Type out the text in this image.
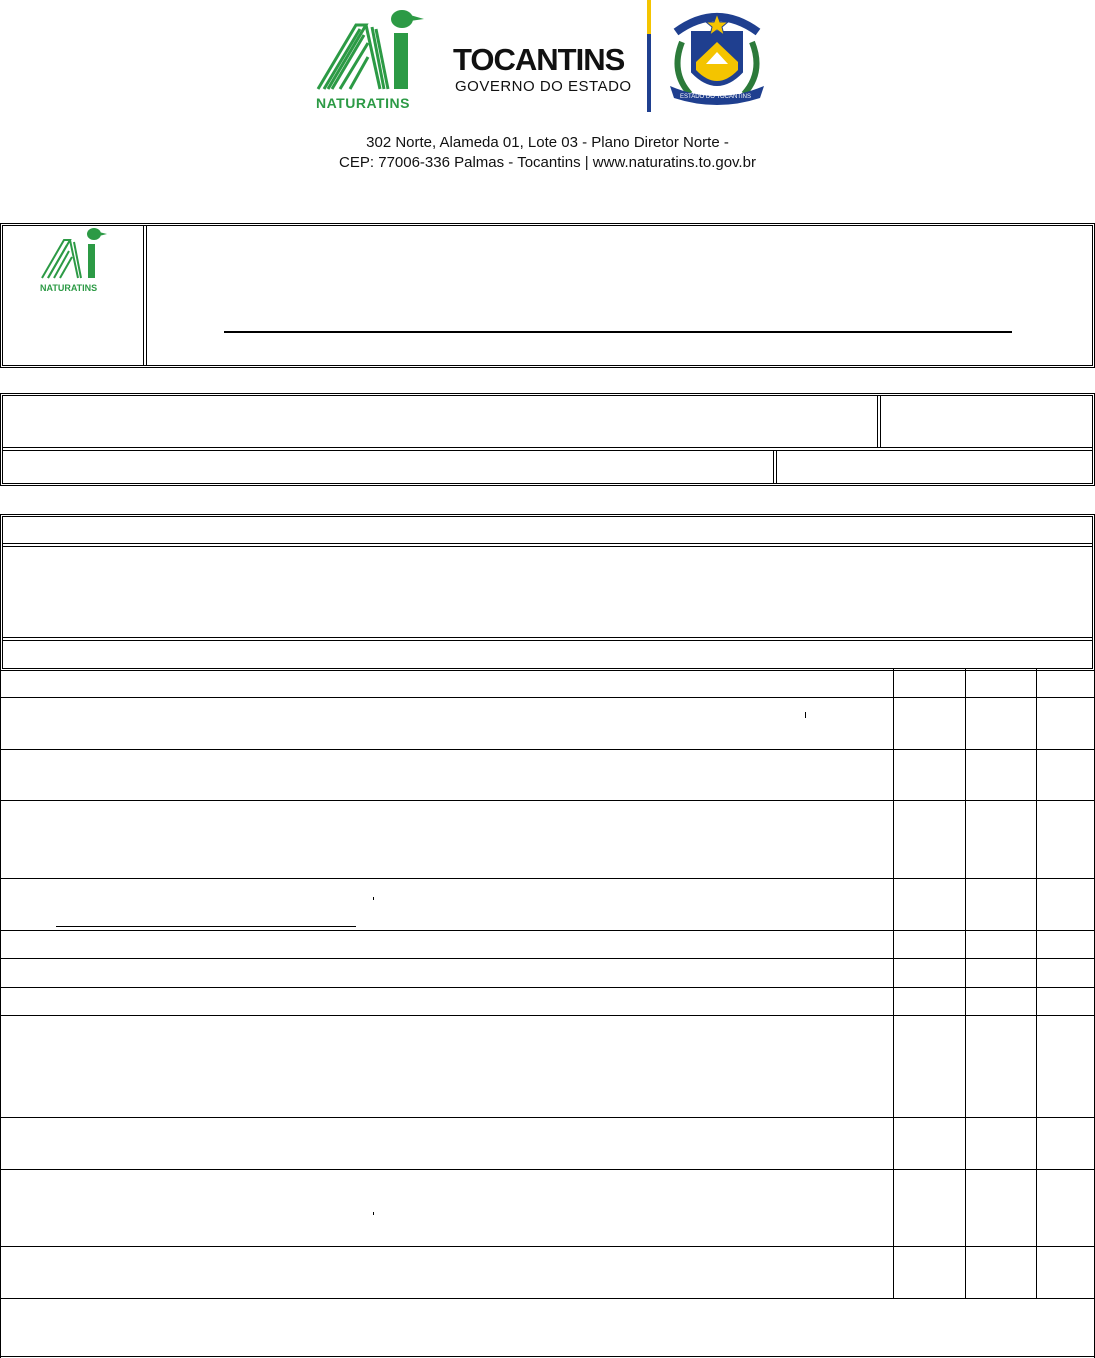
NATURATINS
TOCANTINS
GOVERNO DO ESTADO
ESTADO DO TOCANTINS
302 Norte, Alameda 01, Lote 03 - Plano Diretor Norte -
CEP: 77006-336 Palmas - Tocantins | www.naturatins.to.gov.br
NATURATINS
